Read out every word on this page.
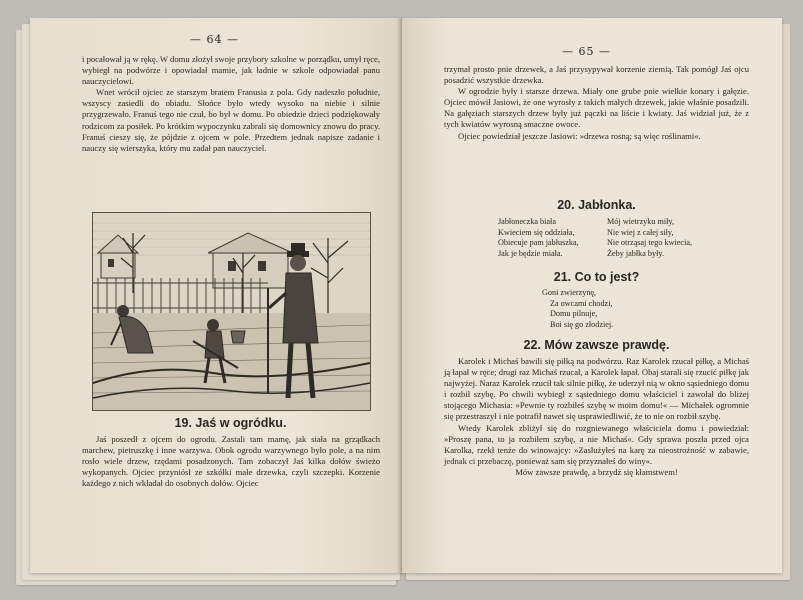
— 64 —

i pocałował ją w rękę. W domu złożył swoje przybory szkolne w porządku, umył ręce, wybiegł na podwórze i opowiadał mamie, jak ładnie w szkole odpowiadał panu nauczycielowi.

Wnet wrócił ojciec ze starszym bratem Franusia z pola. Gdy nadeszło południe, wszyscy zasiedli do obiadu. Słońce było wtedy wysoko na niebie i silnie przygrzewało. Franuś tego nie czuł, bo był w domu. Po obiedzie dzieci podziękowały rodzicom za posiłek. Po krótkim wypoczynku zabrali się domownicy znowu do pracy. Franuś cieszy się, że pójdzie z ojcem w pole. Przedtem jednak napisze zadanie i nauczy się wierszyka, który mu zadał pan nauczyciel.

19. Jaś w ogródku.

Jaś poszedł z ojcem do ogrodu. Zastali tam mamę, jak siała na grządkach marchew, pietruszkę i inne warzywa. Obok ogrodu warzywnego było pole, a na nim rosło wiele drzew, rzędami posadzonych. Tam zobaczył Jaś kilka dołów świeżo wykopanych. Ojciec przyniósł ze szkółki małe drzewka, czyli szczepki. Korzenie każdego z nich wkładał do osobnych dołów. Ojciec

— 65 —

trzymał prosto pnie drzewek, a Jaś przysypywał korzenie ziemią. Tak pomógł Jaś ojcu posadzić wszystkie drzewka.

W ogrodzie były i starsze drzewa. Miały one grube pnie wielkie konary i gałęzie. Ojciec mówił Jasiowi, że one wyrosły z takich małych drzewek, jakie właśnie posadzili. Na gałęziach starszych drzew były już pączki na liście i kwiaty. Jaś widział już, że z tych kwiatów wyrosną smaczne owoce.

Ojciec powiedział jeszcze Jasiowi: »drzewa rosną; są więc roślinami«.

20. Jabłonka.
Jabłoneczka biała
Kwieciem się oddziała,
Obiecuje pam jabłuszka,
Jak je będzie miała.
Mój wietrzyku miły,
Nie wiej z całej siły,
Nie otrząsaj tego kwiecia,
Żeby jabłka były.
21. Co to jest?
Goni zwierzynę,
Za owcami chodzi,
Domu pilnuje,
Boi się go złodziej.
22. Mów zawsze prawdę.

Karolek i Michaś bawili się piłką na podwórzu. Raz Karolek rzucał piłkę, a Michaś ją łapał w ręce; drugi raz Michaś rzucał, a Karolek łapał. Obaj starali się rzucić piłkę jak najwyżej. Naraz Karolek rzucił tak silnie piłkę, że uderzył nią w okno sąsiedniego domu i rozbił szybę. Po chwili wybiegł z sąsiedniego domu właściciel i zawołał do bliżej stojącego Michasia: »Pewnie ty rozbiłeś szybę w moim domu!« — Michałek ogromnie się przestraszył i nie potrafił nawet się usprawiedliwić, że to nie on rozbił szybę.

Wtedy Karolek zbliżył się do rozgniewanego właściciela domu i powiedział: »Proszę pana, to ja rozbiłem szybę, a nie Michaś«. Gdy sprawa poszła przed ojca Karolka, rzekł tenże do winowajcy: »Zasłużyłeś na karę za nieostrożność w zabawie, jednak ci przebaczę, ponieważ sam się przyznałeś do winy«.

Mów zawsze prawdę, a brzydź się kłamstwem!
